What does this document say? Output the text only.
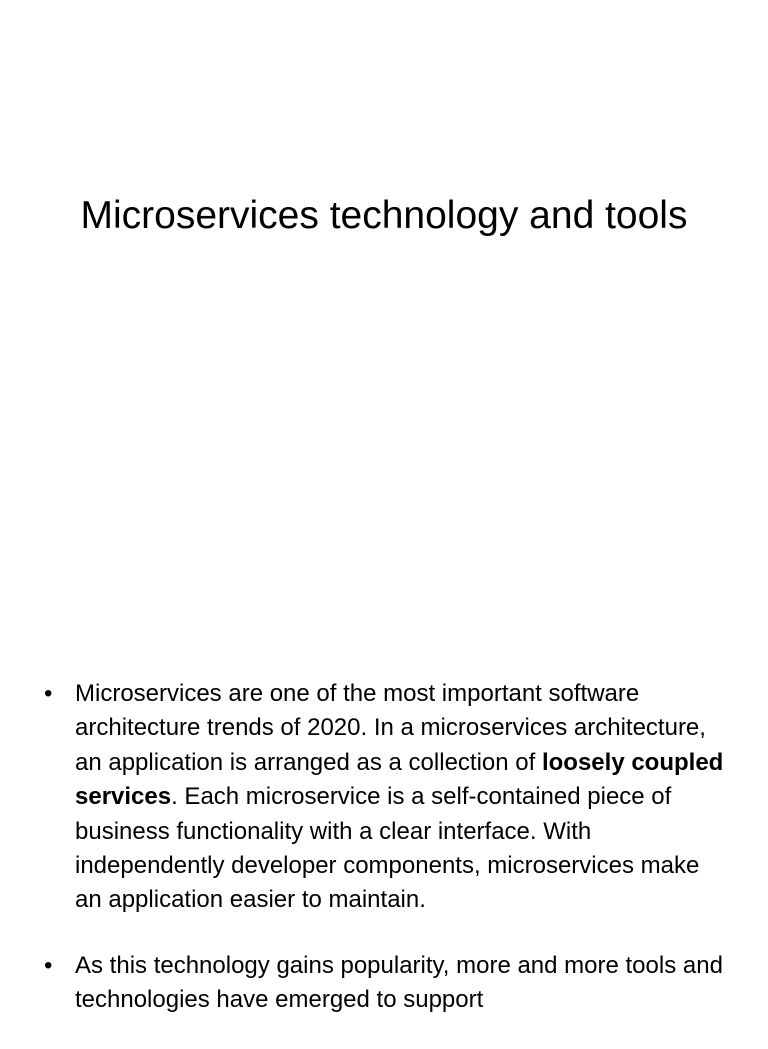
Microservices technology and tools
• Microservices are one of the most important software architecture trends of 2020. In a microservices architecture, an application is arranged as a collection of loosely coupled services. Each microservice is a self-contained piece of business functionality with a clear interface. With independently developer components, microservices make an application easier to maintain.
• As this technology gains popularity, more and more tools and technologies have emerged to support
